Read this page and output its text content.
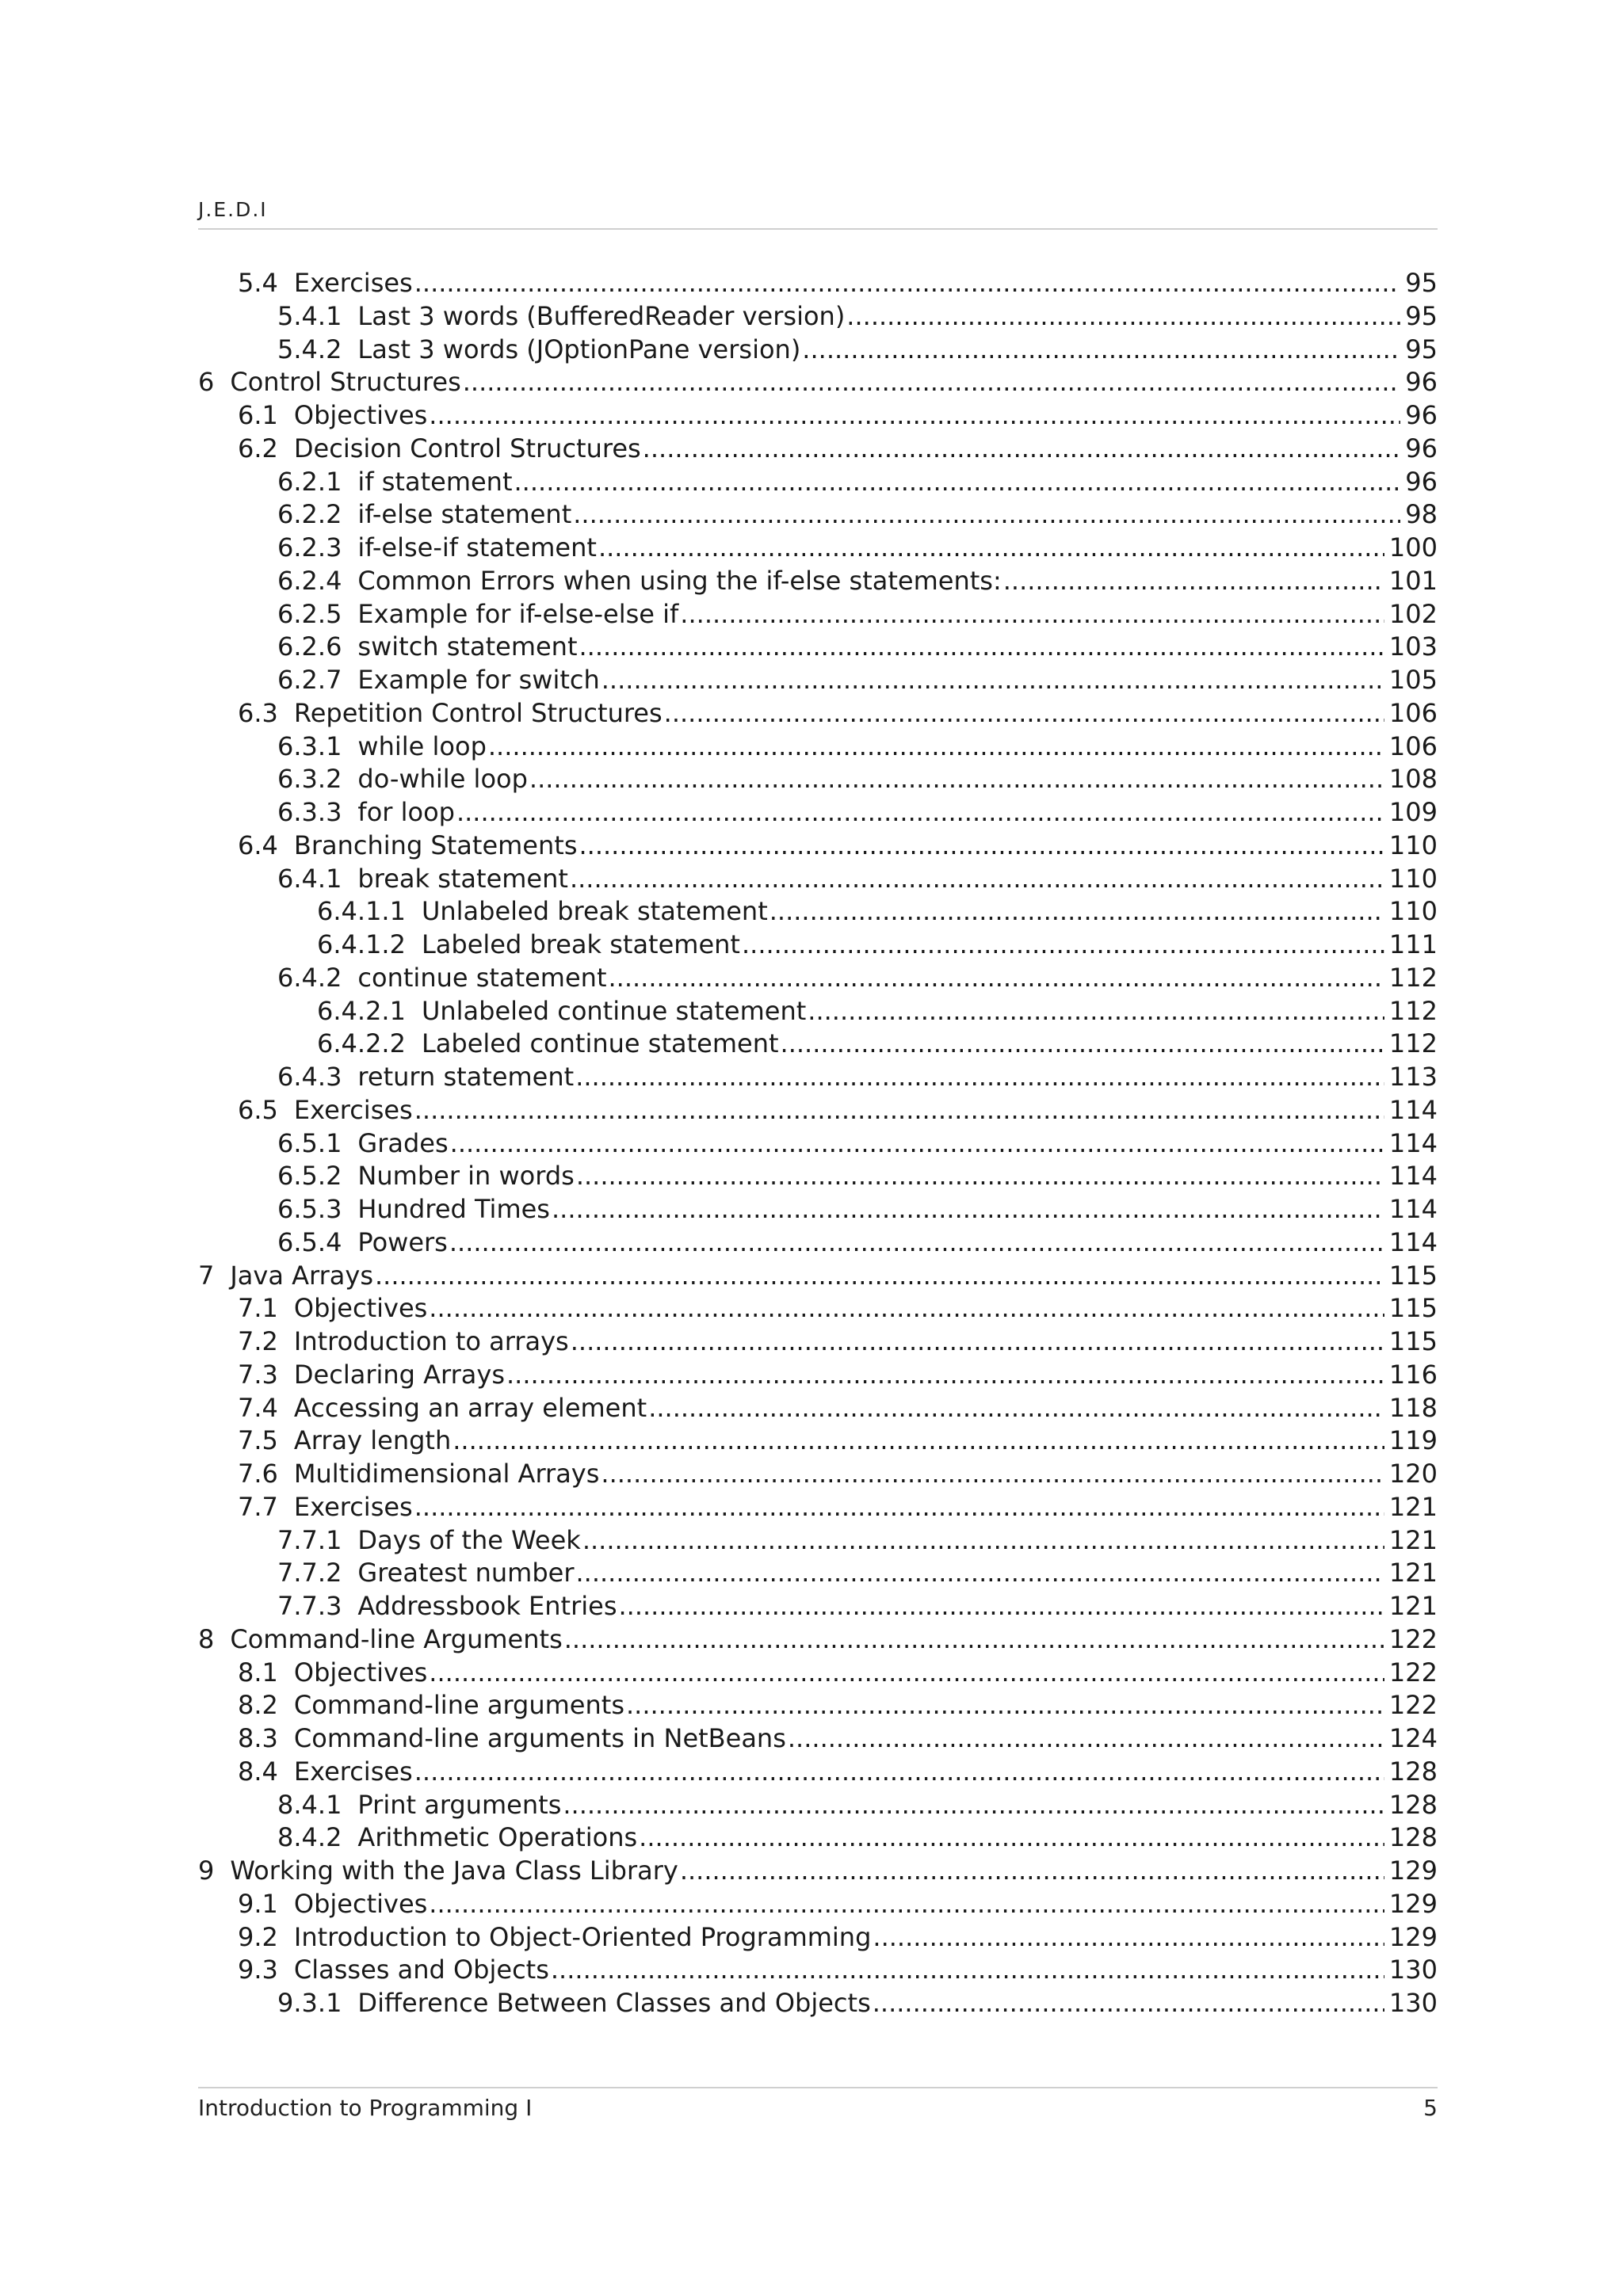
J.E.D.I
5.4 Exercises .....	95
5.4.1 Last 3 words (BufferedReader version) .....	95
5.4.2 Last 3 words (JOptionPane version) .....	95
6 Control Structures .....	96
6.1 Objectives .....	96
6.2 Decision Control Structures .....	96
6.2.1 if statement .....	96
6.2.2 if-else statement .....	98
6.2.3 if-else-if statement .....	100
6.2.4 Common Errors when using the if-else statements: .....	101
6.2.5 Example for if-else-else if .....	102
6.2.6 switch statement .....	103
6.2.7 Example for switch .....	105
6.3 Repetition Control Structures .....	106
6.3.1 while loop .....	106
6.3.2 do-while loop .....	108
6.3.3 for loop .....	109
6.4 Branching Statements .....	110
6.4.1 break statement .....	110
6.4.1.1 Unlabeled break statement .....	110
6.4.1.2 Labeled break statement .....	111
6.4.2 continue statement .....	112
6.4.2.1 Unlabeled continue statement .....	112
6.4.2.2 Labeled continue statement .....	112
6.4.3 return statement .....	113
6.5 Exercises .....	114
6.5.1 Grades .....	114
6.5.2 Number in words .....	114
6.5.3 Hundred Times .....	114
6.5.4 Powers .....	114
7 Java Arrays .....	115
7.1 Objectives .....	115
7.2 Introduction to arrays .....	115
7.3 Declaring Arrays .....	116
7.4 Accessing an array element .....	118
7.5 Array length .....	119
7.6 Multidimensional Arrays .....	120
7.7 Exercises .....	121
7.7.1 Days of the Week .....	121
7.7.2 Greatest number .....	121
7.7.3 Addressbook Entries .....	121
8 Command-line Arguments .....	122
8.1 Objectives .....	122
8.2 Command-line arguments .....	122
8.3 Command-line arguments in NetBeans .....	124
8.4 Exercises .....	128
8.4.1 Print arguments .....	128
8.4.2 Arithmetic Operations .....	128
9 Working with the Java Class Library .....	129
9.1 Objectives .....	129
9.2 Introduction to Object-Oriented Programming .....	129
9.3 Classes and Objects .....	130
9.3.1 Difference Between Classes and Objects .....	130
Introduction to Programming I	5
